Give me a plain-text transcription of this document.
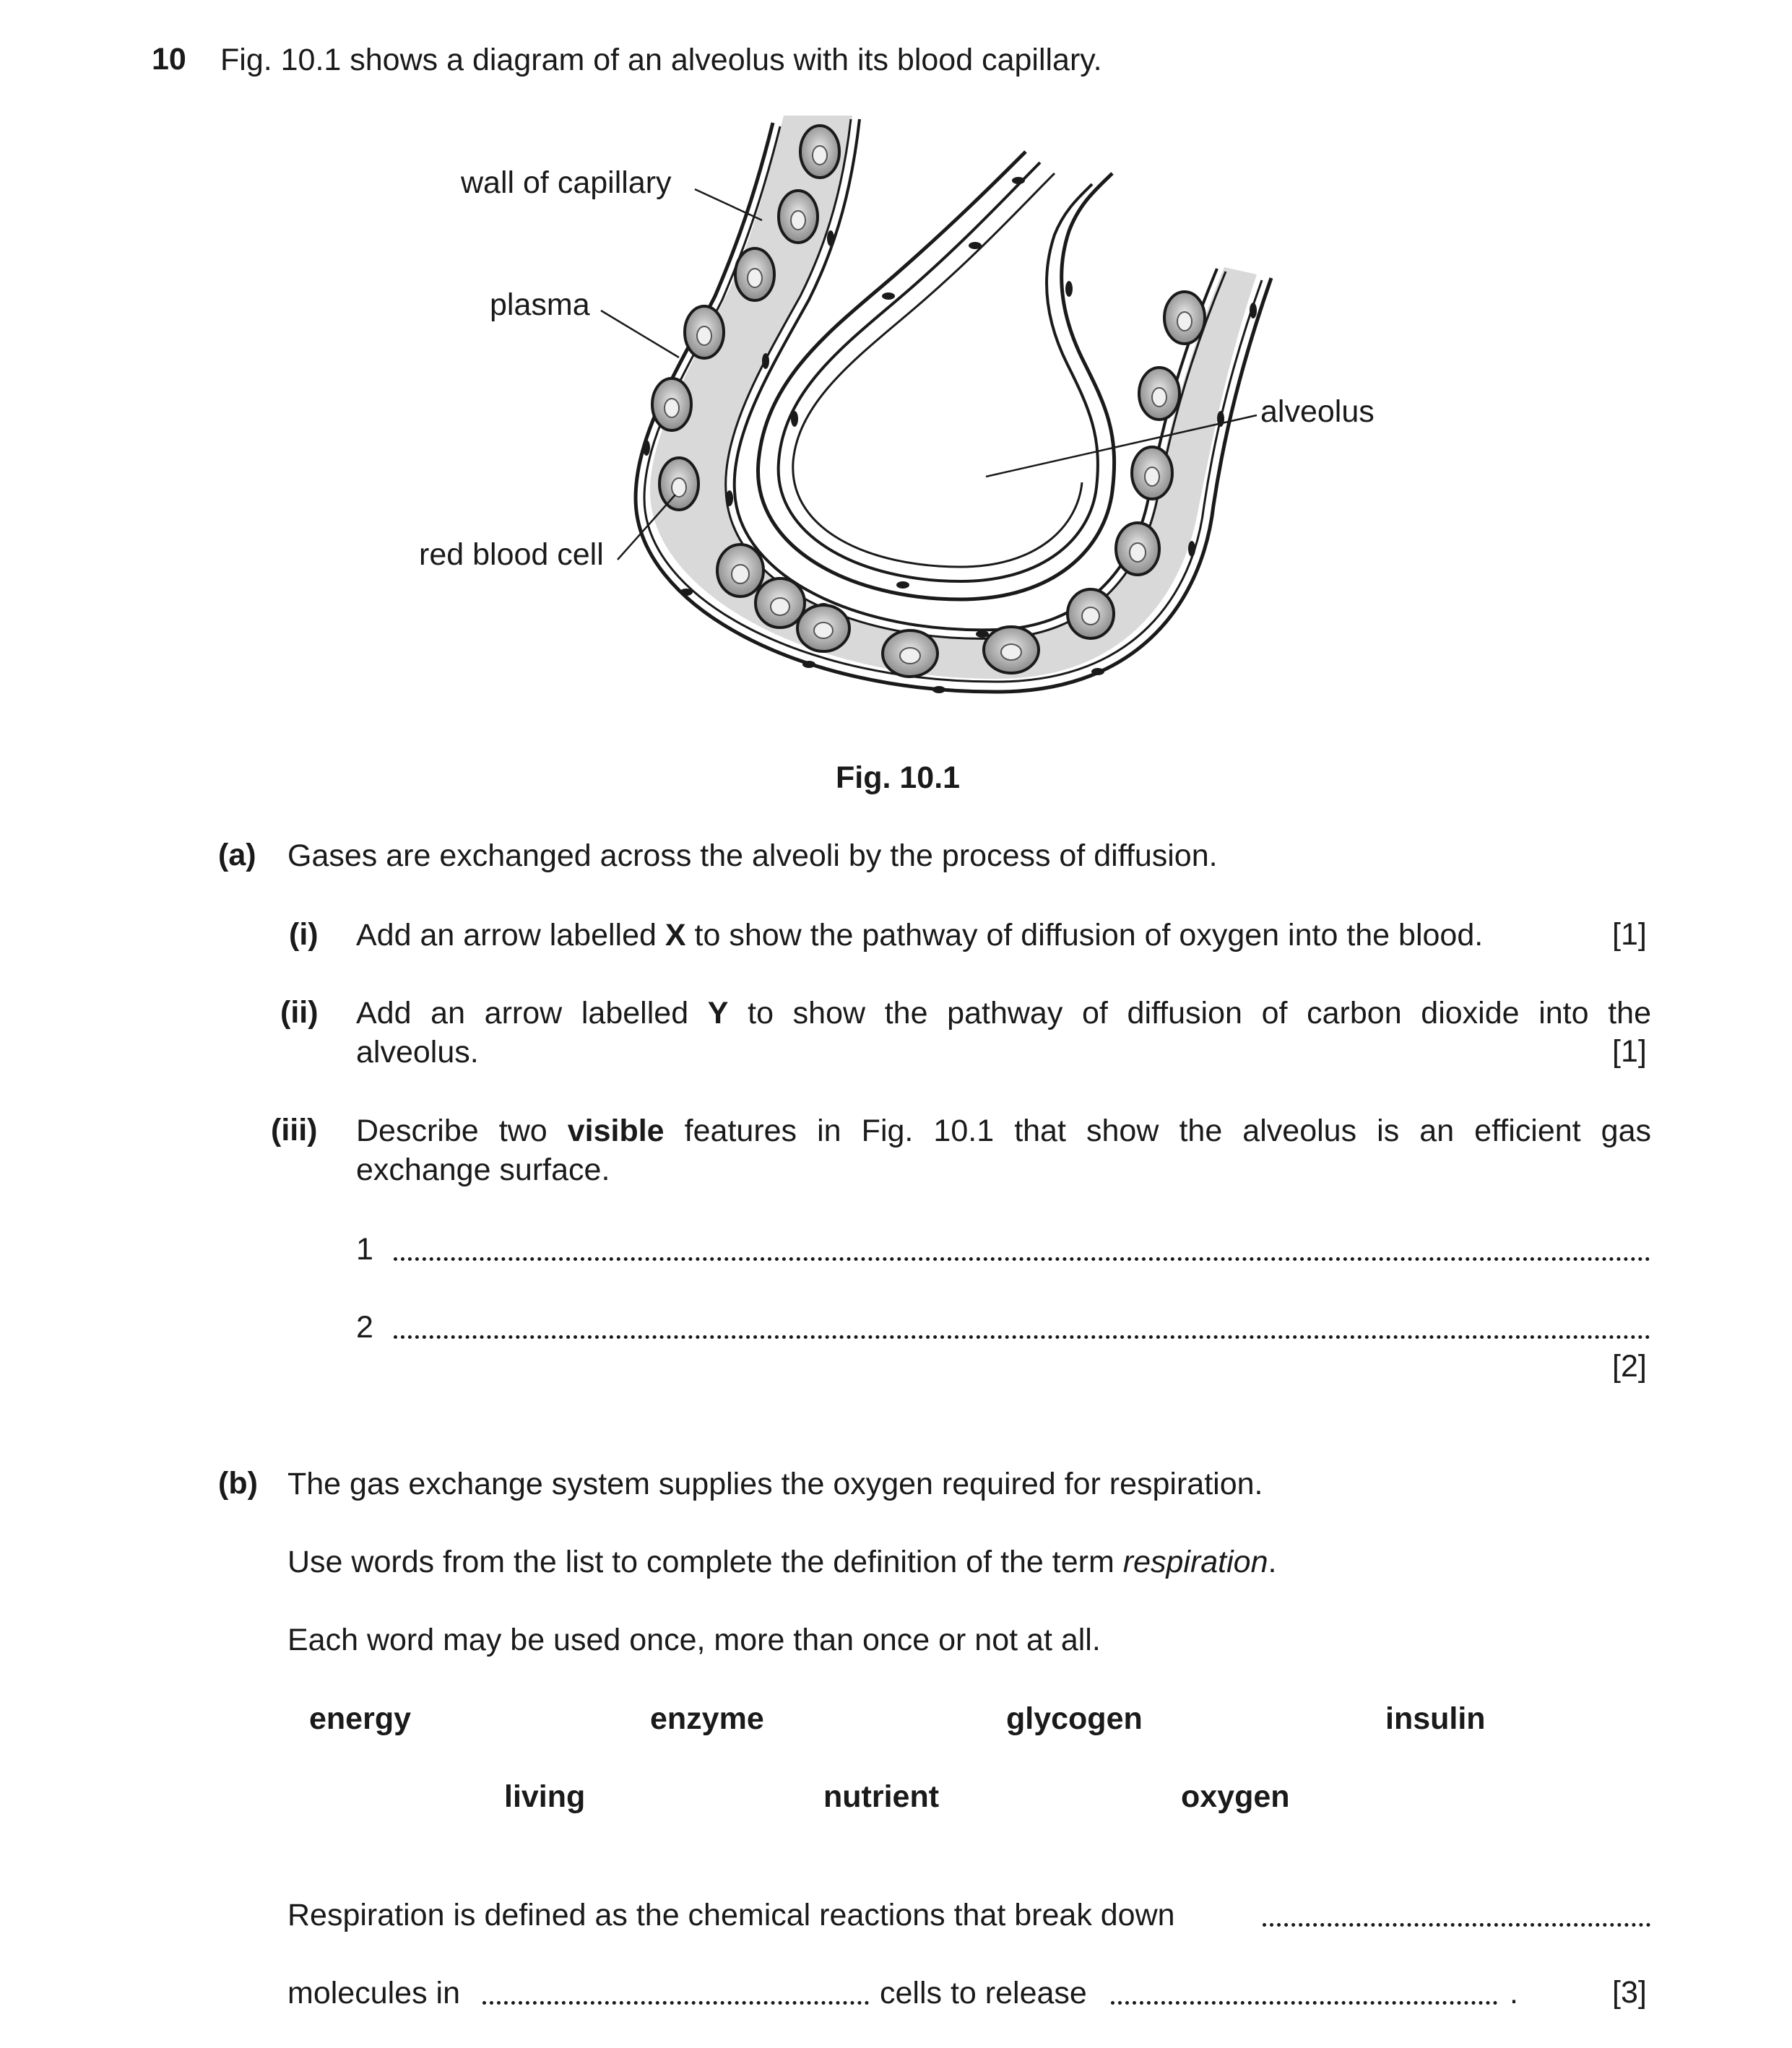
10 Fig. 10.1 shows a diagram of an alveolus with its blood capillary.
wall of capillary
plasma
red blood cell
alveolus
Fig. 10.1
(a) Gases are exchanged across the alveoli by the process of diffusion.
(i) Add an arrow labelled X to show the pathway of diffusion of oxygen into the blood.	[1]
(ii) Add an arrow labelled Y to show the pathway of diffusion of carbon dioxide into the
alveolus.	[1]
(iii) Describe two visible features in Fig. 10.1 that show the alveolus is an efficient gas
exchange surface.
1
2
[2]
(b) The gas exchange system supplies the oxygen required for respiration.
Use words from the list to complete the definition of the term respiration.
Each word may be used once, more than once or not at all.
energy	enzyme	glycogen	insulin
living	nutrient	oxygen
Respiration is defined as the chemical reactions that break down
molecules in	cells to release	.	[3]
